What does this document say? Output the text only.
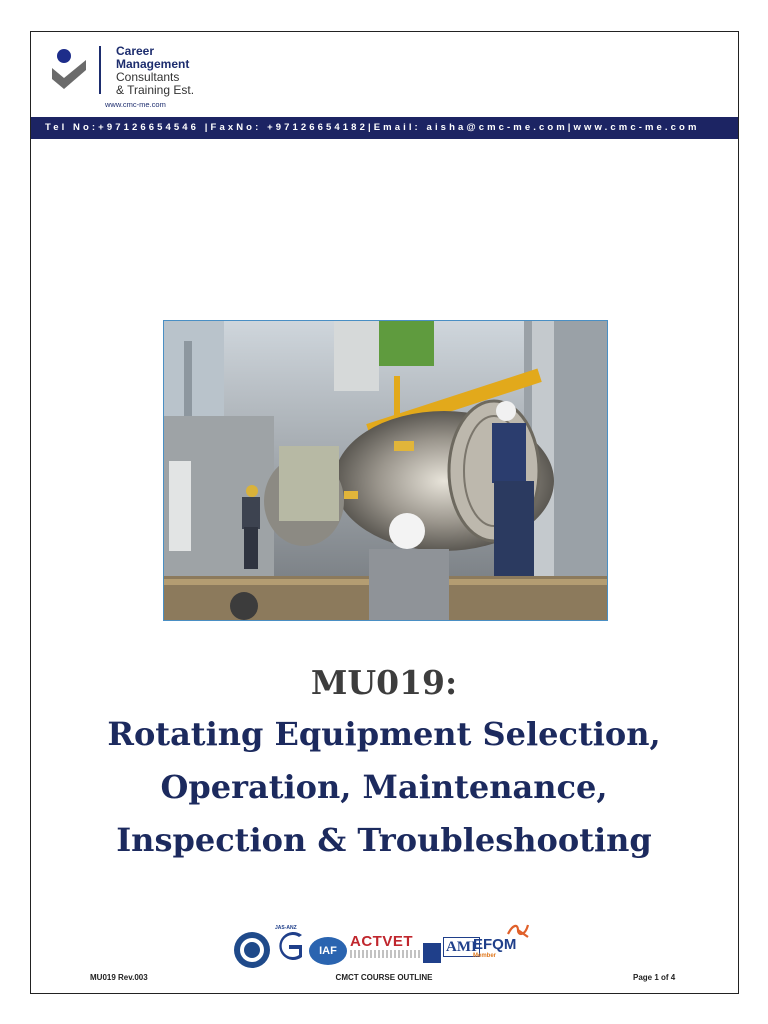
Career
Management
Consultants
& Training Est.
www.cmc-me.com
Tel No:+97126654546 |FaxNo: +97126654182|Email: aisha@cmc-me.com|www.cmc-me.com
MU019:
Rotating Equipment Selection,
Operation, Maintenance,
Inspection & Troubleshooting
JAS-ANZ
IAF
ACTVET	AMI
EFQM
Member
MU019 Rev.003	CMCT COURSE OUTLINE	Page 1 of 4
